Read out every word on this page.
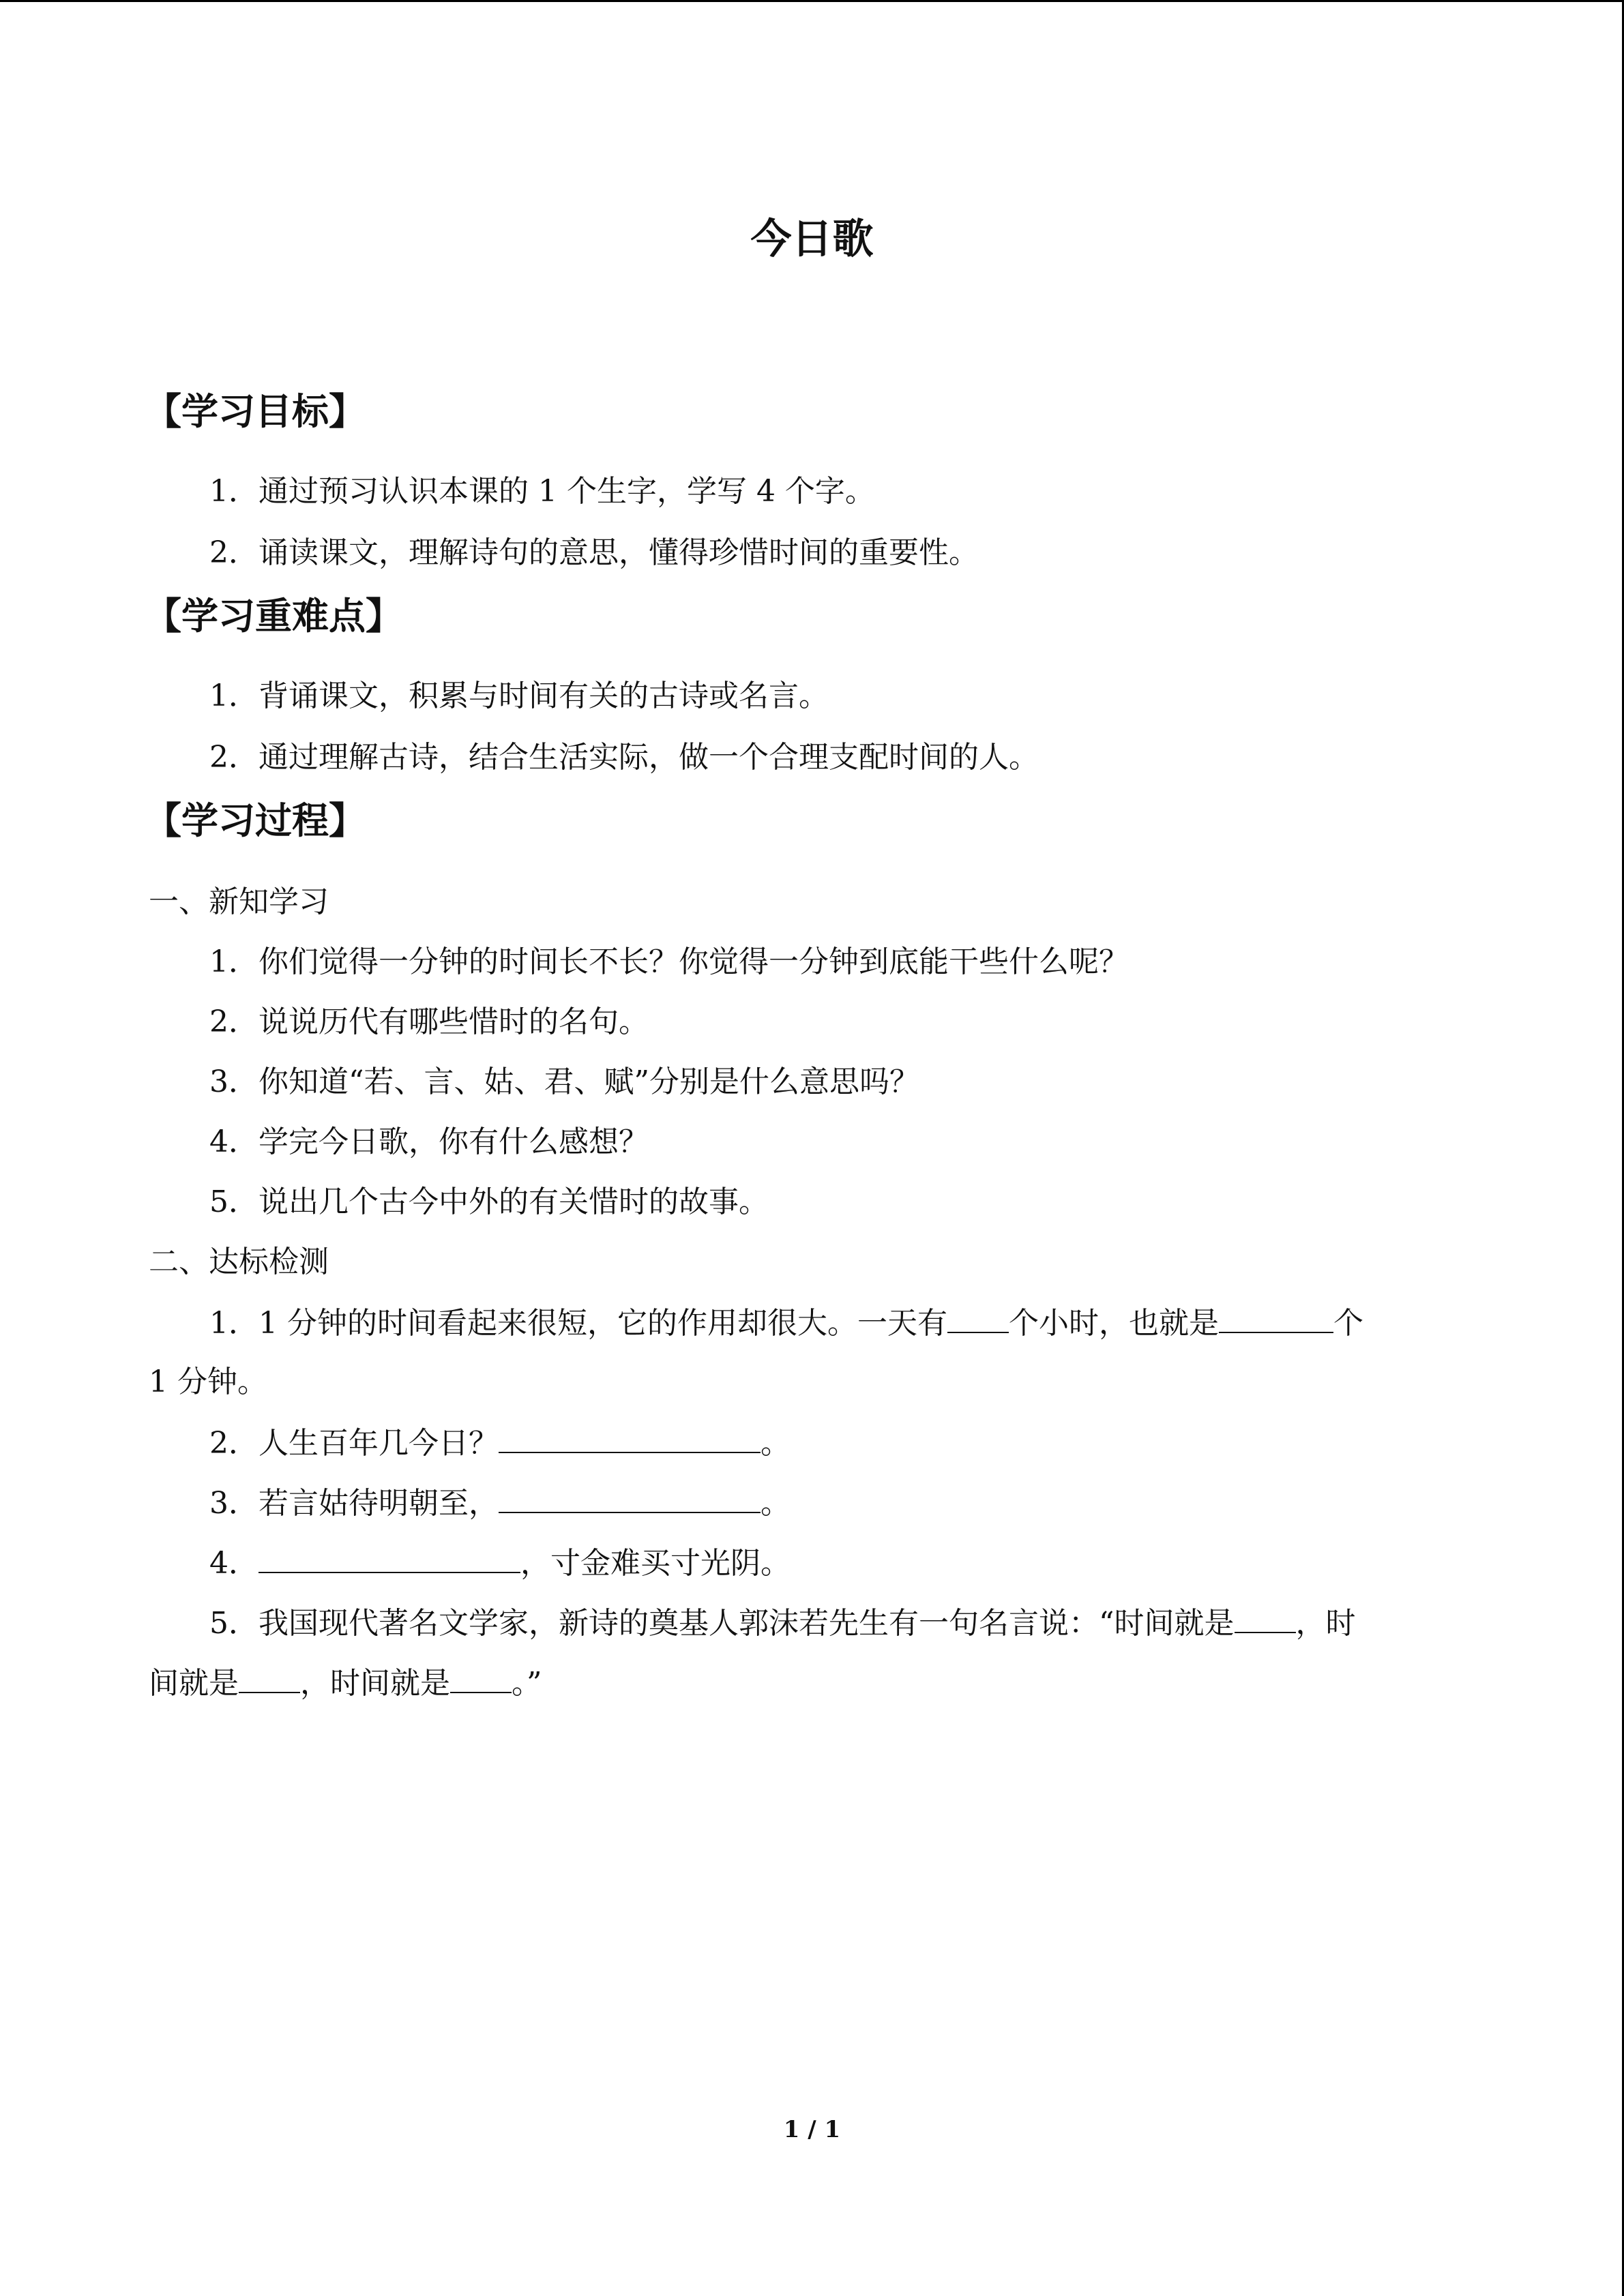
今日歌
【学习目标】
1．通过预习认识本课的 1 个生字，学写 4 个字。
2．诵读课文，理解诗句的意思，懂得珍惜时间的重要性。
【学习重难点】
1．背诵课文，积累与时间有关的古诗或名言。
2．通过理解古诗，结合生活实际，做一个合理支配时间的人。
【学习过程】
一、新知学习
1．你们觉得一分钟的时间长不长？你觉得一分钟到底能干些什么呢？
2．说说历代有哪些惜时的名句。
3．你知道“若、言、姑、君、赋”分别是什么意思吗？
4．学完今日歌，你有什么感想？
5．说出几个古今中外的有关惜时的故事。
二、达标检测
1．1 分钟的时间看起来很短，它的作用却很大。一天有 个小时，也就是	个
1 分钟。
2．人生百年几今日？	。
3．若言姑待明朝至，	。
4．	，寸金难买寸光阴。
5．我国现代著名文学家，新诗的奠基人郭沫若先生有一句名言说：“时间就是 ，时
间就是 ，时间就是 。”
1 / 1
